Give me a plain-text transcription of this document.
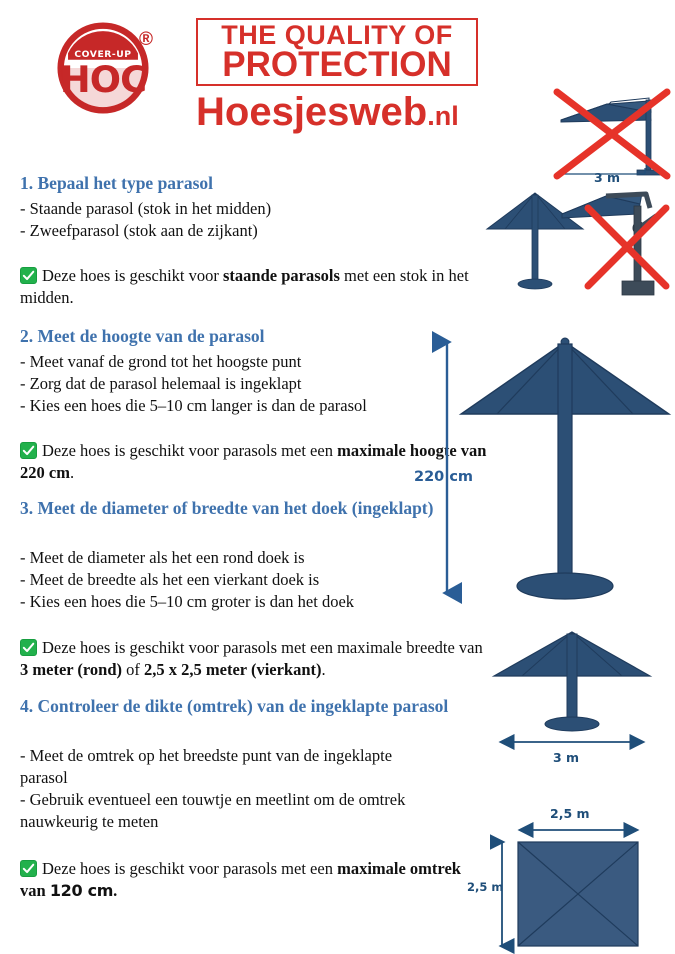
COVER-UP
HOC
®	THE QUALITY OF
PROTECTION
Hoesjesweb.nl
1. Bepaal het type parasol
- Staande parasol (stok in het midden)
- Zweefparasol (stok aan de zijkant)
Deze hoes is geschikt voor staande parasols met een stok in het midden.
2. Meet de hoogte van de parasol
- Meet vanaf de grond tot het hoogste punt
- Zorg dat de parasol helemaal is ingeklapt
- Kies een hoes die 5–10 cm langer is dan de parasol
Deze hoes is geschikt voor parasols met een maximale hoogte van 220 cm.
3. Meet de diameter of breedte van het doek (ingeklapt)
- Meet de diameter als het een rond doek is
- Meet de breedte als het een vierkant doek is
- Kies een hoes die 5–10 cm groter is dan het doek
Deze hoes is geschikt voor parasols met een maximale breedte van 3 meter (rond) of 2,5 x 2,5 meter (vierkant).
4. Controleer de dikte (omtrek) van de ingeklapte parasol
- Meet de omtrek op het breedste punt van de ingeklapte
parasol
- Gebruik eventueel een touwtje en meetlint om de omtrek
nauwkeurig te meten
Deze hoes is geschikt voor parasols met een maximale omtrek van 120 cm.
3 m
220 cm
3 m
2,5 m
2,5 m
